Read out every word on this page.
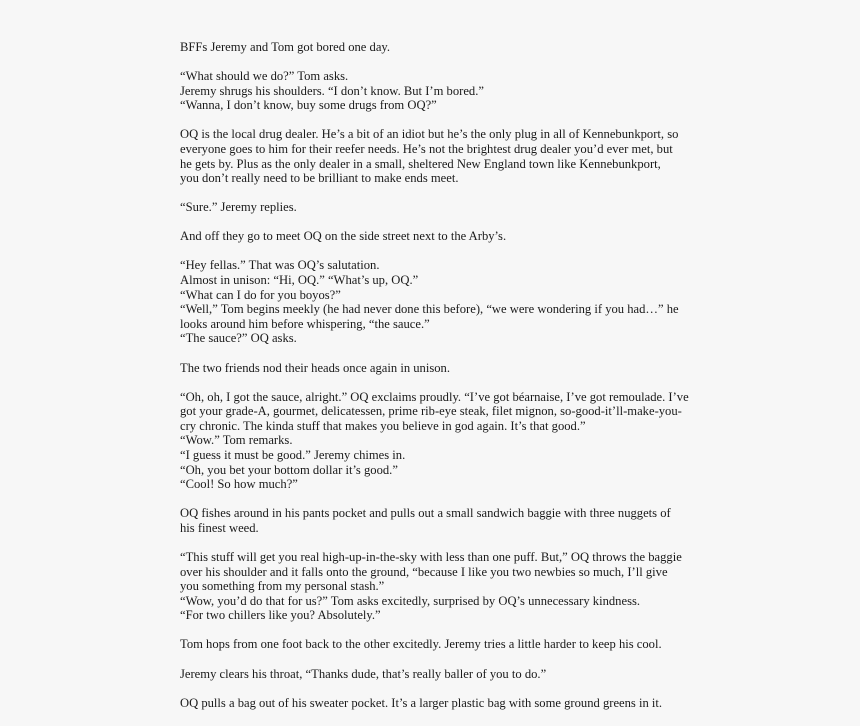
BFFs Jeremy and Tom got bored one day.

“What should we do?” Tom asks.
Jeremy shrugs his shoulders. “I don’t know. But I’m bored.”
“Wanna, I don’t know, buy some drugs from OQ?”

OQ is the local drug dealer. He’s a bit of an idiot but he’s the only plug in all of Kennebunkport, so
everyone goes to him for their reefer needs. He’s not the brightest drug dealer you’d ever met, but
he gets by. Plus as the only dealer in a small, sheltered New England town like Kennebunkport,
you don’t really need to be brilliant to make ends meet.

“Sure.” Jeremy replies.

And off they go to meet OQ on the side street next to the Arby’s.

“Hey fellas.” That was OQ’s salutation.
Almost in unison: “Hi, OQ.” “What’s up, OQ.”
“What can I do for you boyos?”
“Well,” Tom begins meekly (he had never done this before), “we were wondering if you had…” he
looks around him before whispering, “the sauce.”
“The sauce?” OQ asks.

The two friends nod their heads once again in unison.

“Oh, oh, I got the sauce, alright.” OQ exclaims proudly. “I’ve got béarnaise, I’ve got remoulade. I’ve
got your grade-A, gourmet, delicatessen, prime rib-eye steak, filet mignon, so-good-it’ll-make-you-
cry chronic. The kinda stuff that makes you believe in god again. It’s that good.”
“Wow.” Tom remarks.
“I guess it must be good.” Jeremy chimes in.
“Oh, you bet your bottom dollar it’s good.”
“Cool! So how much?”

OQ fishes around in his pants pocket and pulls out a small sandwich baggie with three nuggets of
his finest weed.

“This stuff will get you real high-up-in-the-sky with less than one puff. But,” OQ throws the baggie
over his shoulder and it falls onto the ground, “because I like you two newbies so much, I’ll give
you something from my personal stash.”
“Wow, you’d do that for us?” Tom asks excitedly, surprised by OQ’s unnecessary kindness.
“For two chillers like you? Absolutely.”

Tom hops from one foot back to the other excitedly. Jeremy tries a little harder to keep his cool.

Jeremy clears his throat, “Thanks dude, that’s really baller of you to do.”

OQ pulls a bag out of his sweater pocket. It’s a larger plastic bag with some ground greens in it.
